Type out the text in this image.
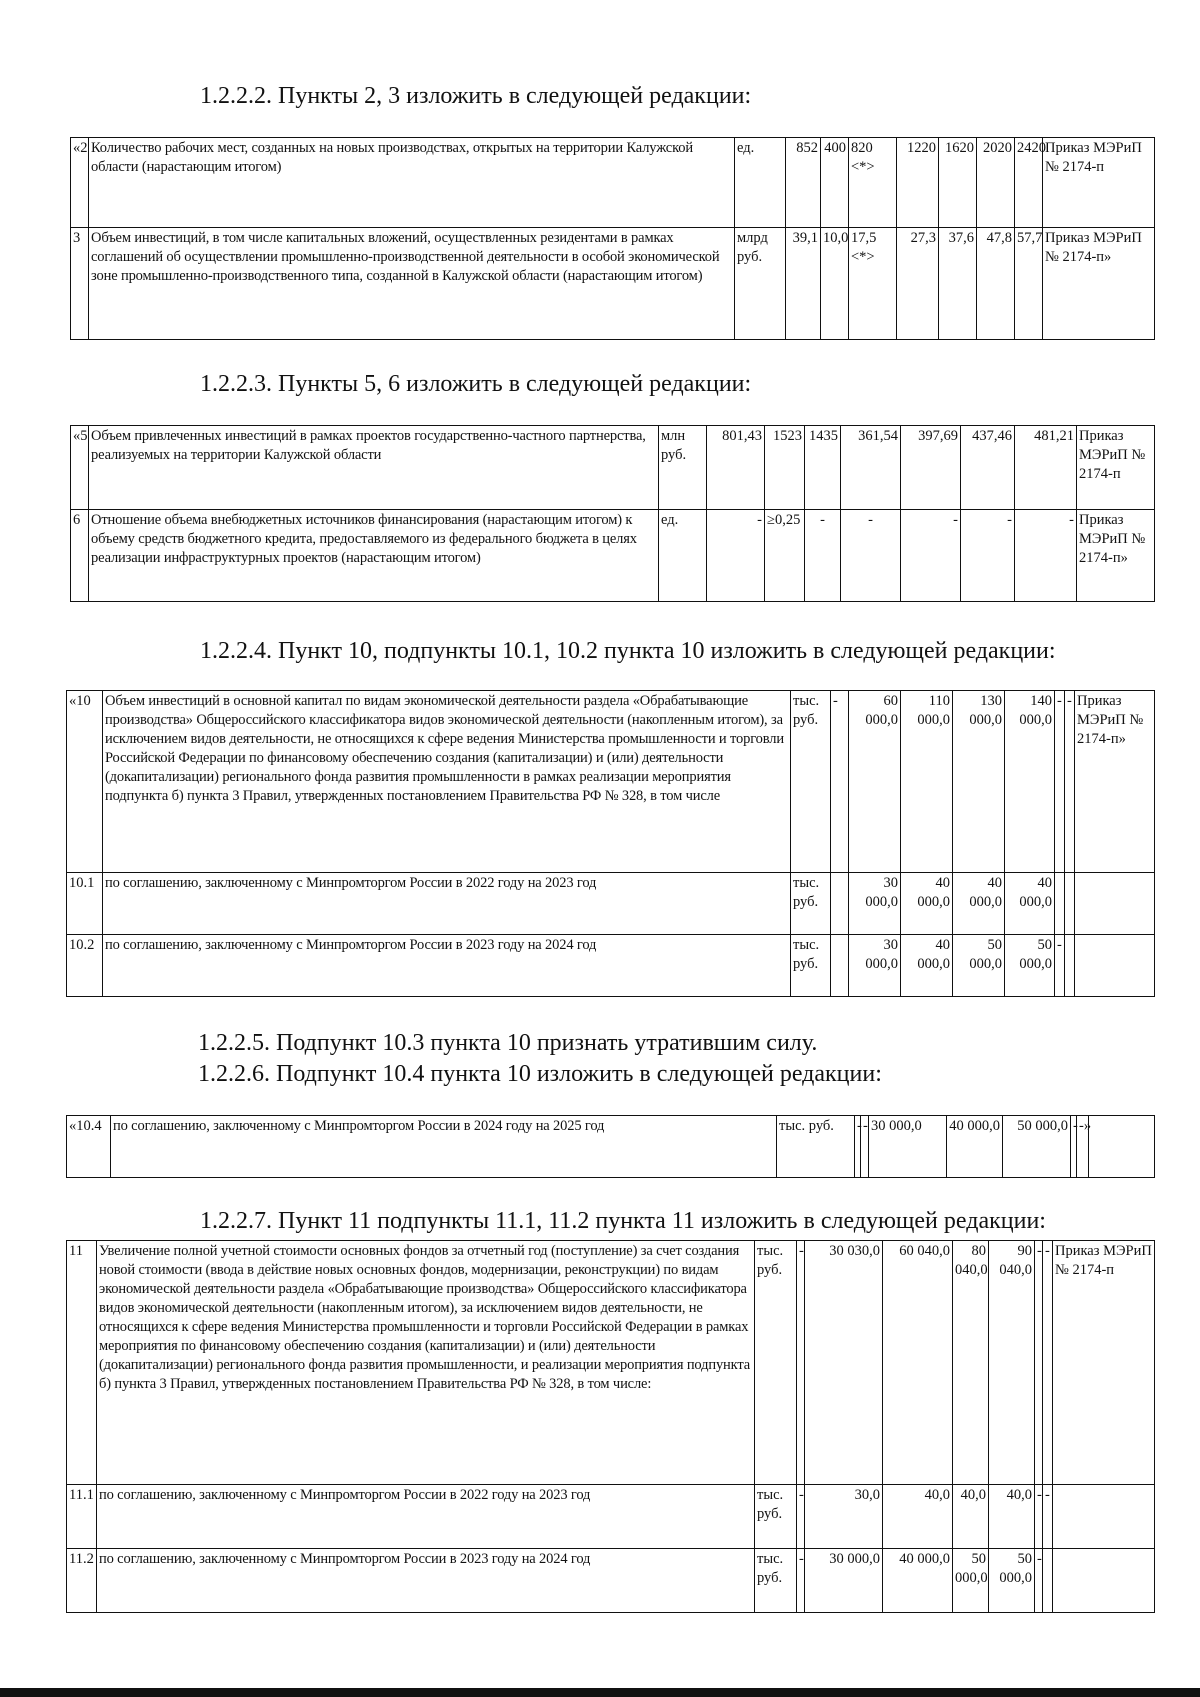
1.2.2.2. Пункты 2, 3 изложить в следующей редакции:
«2	Количество рабочих мест, созданных на новых производствах, открытых на территории Калужской области (нарастающим итогом)	ед.	852	400	820 <*>	1220	1620	2020	2420	Приказ МЭРиП № 2174-п
3	Объем инвестиций, в том числе капитальных вложений, осуществленных резидентами в рамках соглашений об осуществлении промышленно-производственной деятельности в особой экономической зоне промышленно-производственного типа, созданной в Калужской области (нарастающим итогом)	млрд руб.	39,1	10,0	17,5 <*>	27,3	37,6	47,8	57,7	Приказ МЭРиП № 2174-п»
1.2.2.3. Пункты 5, 6 изложить в следующей редакции:
«5	Объем привлеченных инвестиций в рамках проектов государственно-частного партнерства, реализуемых на территории Калужской области	млн руб.	801,43	1523	1435	361,54	397,69	437,46	481,21	Приказ МЭРиП № 2174-п
6	Отношение объема внебюджетных источников финансирования (нарастающим итогом) к объему средств бюджетного кредита, предоставляемого из федерального бюджета в целях реализации инфраструктурных проектов (нарастающим итогом)	ед.	-	≥0,25	-	-	-	-	-	Приказ МЭРиП № 2174-п»
1.2.2.4. Пункт 10, подпункты 10.1, 10.2 пункта 10 изложить в следующей редакции:
«10	Объем инвестиций в основной капитал по видам экономической деятельности раздела «Обрабатывающие производства» Общероссийского классификатора видов экономической деятельности (накопленным итогом), за исключением видов деятельности, не относящихся к сфере ведения Министерства промышленности и торговли Российской Федерации по финансовому обеспечению создания (капитализации) и (или) деятельности (докапитализации) регионального фонда развития промышленности в рамках реализации мероприятия подпункта б) пункта 3 Правил, утвержденных постановлением Правительства РФ № 328, в том числе	тыс. руб.	-	60 000,0	110 000,0	130 000,0	140 000,0	-	-	Приказ МЭРиП № 2174-п»
10.1	по соглашению, заключенному с Минпромторгом России в 2022 году на 2023 год	тыс. руб.		30 000,0	40 000,0	40 000,0	40 000,0			
10.2	по соглашению, заключенному с Минпромторгом России в 2023 году на 2024 год	тыс. руб.		30 000,0	40 000,0	50 000,0	50 000,0	-		
1.2.2.5. Подпункт 10.3 пункта 10 признать утратившим силу.
1.2.2.6. Подпункт 10.4 пункта 10 изложить в следующей редакции:
«10.4	по соглашению, заключенному с Минпромторгом России в 2024 году на 2025 год	тыс. руб.	-	-	30 000,0	40 000,0	50 000,0	-	-»	
1.2.2.7. Пункт 11 подпункты 11.1, 11.2 пункта 11 изложить в следующей редакции:
11	Увеличение полной учетной стоимости основных фондов за отчетный год (поступление) за счет создания новой стоимости (ввода в действие новых основных фондов, модернизации, реконструкции) по видам экономической деятельности раздела «Обрабатывающие производства» Общероссийского классификатора видов экономической деятельности (накопленным итогом), за исключением видов деятельности, не относящихся к сфере ведения Министерства промышленности и торговли Российской Федерации в рамках мероприятия по финансовому обеспечению создания (капитализации) и (или) деятельности (докапитализации) регионального фонда развития промышленности, и реализации мероприятия подпункта б) пункта 3 Правил, утвержденных постановлением Правительства РФ № 328, в том числе:	тыс. руб.	-	30 030,0	60 040,0	80 040,0	90 040,0	-	-	Приказ МЭРиП № 2174-п
11.1	по соглашению, заключенному с Минпромторгом России в 2022 году на 2023 год	тыс. руб.	-	30,0	40,0	40,0	40,0	-	-	
11.2	по соглашению, заключенному с Минпромторгом России в 2023 году на 2024 год	тыс. руб.	-	30 000,0	40 000,0	50 000,0	50 000,0	-		
